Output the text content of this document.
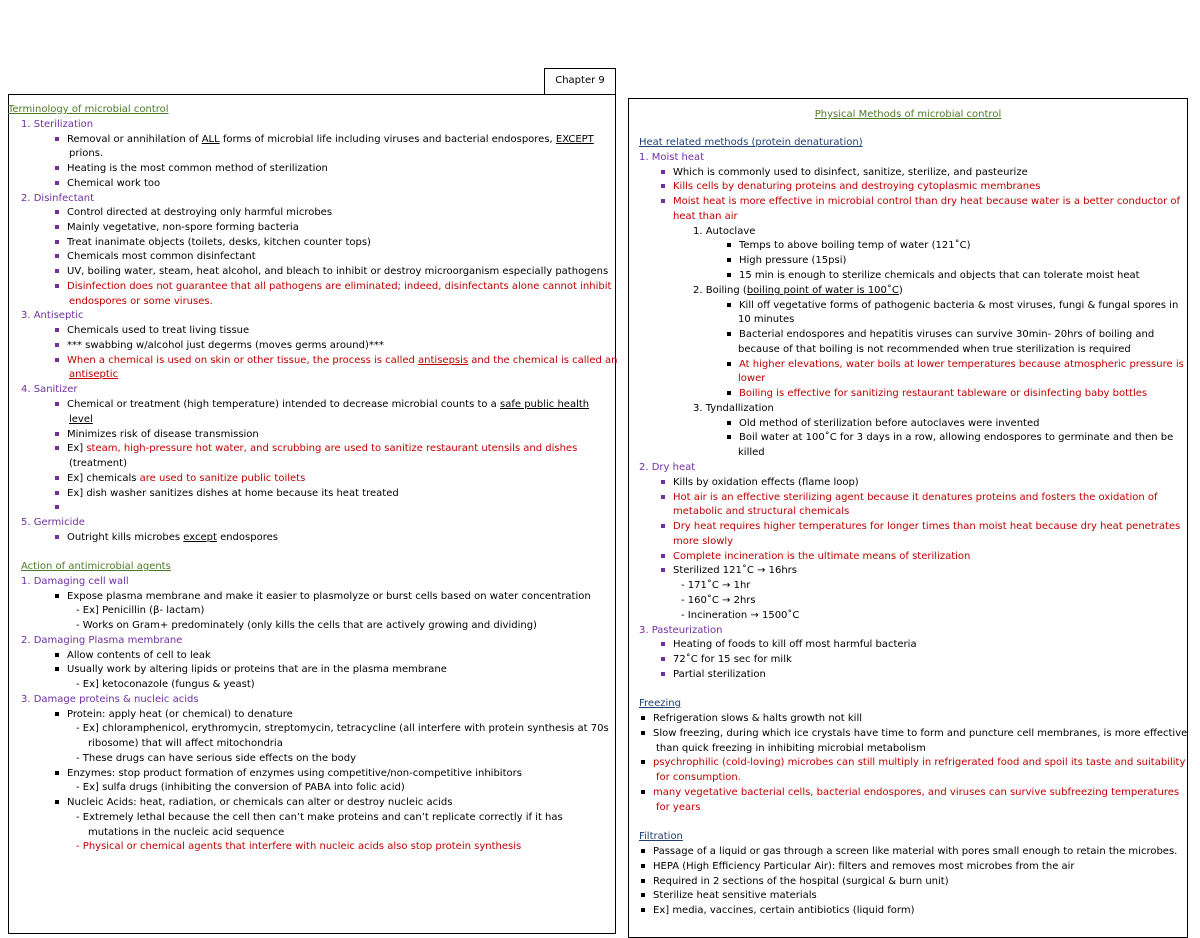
Chapter 9
Physical Methods of microbial control
Terminology of microbial control
1. Sterilization
Removal or annihilation of ALL forms of microbial life including viruses and bacterial endospores, EXCEPT
prions.
Heating is the most common method of sterilization
Chemical work too
2. Disinfectant
Control directed at destroying only harmful microbes
Mainly vegetative, non-spore forming bacteria
Treat inanimate objects (toilets, desks, kitchen counter tops)
Chemicals most common disinfectant
UV, boiling water, steam, heat alcohol, and bleach to inhibit or destroy microorganism especially pathogens
Disinfection does not guarantee that all pathogens are eliminated; indeed, disinfectants alone cannot inhibit
endospores or some viruses.
3. Antiseptic
Chemicals used to treat living tissue
*** swabbing w/alcohol just degerms (moves germs around)***
When a chemical is used on skin or other tissue, the process is called antisepsis and the chemical is called an
antiseptic
4. Sanitizer
Chemical or treatment (high temperature) intended to decrease microbial counts to a safe public health
level
Minimizes risk of disease transmission
Ex] steam, high-pressure hot water, and scrubbing are used to sanitize restaurant utensils and dishes
(treatment)
Ex] chemicals are used to sanitize public toilets
Ex] dish washer sanitizes dishes at home because its heat treated
5. Germicide
Outright kills microbes except endospores
Action of antimicrobial agents
1. Damaging cell wall
Expose plasma membrane and make it easier to plasmolyze or burst cells based on water concentration
- Ex] Penicillin (β- lactam)
- Works on Gram+ predominately (only kills the cells that are actively growing and dividing)
2. Damaging Plasma membrane
Allow contents of cell to leak
Usually work by altering lipids or proteins that are in the plasma membrane
- Ex] ketoconazole (fungus & yeast)
3. Damage proteins & nucleic acids
Protein: apply heat (or chemical) to denature
- Ex] chloramphenicol, erythromycin, streptomycin, tetracycline (all interfere with protein synthesis at 70s
ribosome) that will affect mitochondria
- These drugs can have serious side effects on the body
Enzymes: stop product formation of enzymes using competitive/non-competitive inhibitors
- Ex] sulfa drugs (inhibiting the conversion of PABA into folic acid)
Nucleic Acids: heat, radiation, or chemicals can alter or destroy nucleic acids
- Extremely lethal because the cell then can’t make proteins and can’t replicate correctly if it has
mutations in the nucleic acid sequence
- Physical or chemical agents that interfere with nucleic acids also stop protein synthesis
Heat related methods (protein denaturation)
1. Moist heat
Which is commonly used to disinfect, sanitize, sterilize, and pasteurize
Kills cells by denaturing proteins and destroying cytoplasmic membranes
Moist heat is more effective in microbial control than dry heat because water is a better conductor of
heat than air
1. Autoclave
Temps to above boiling temp of water (121˚C)
High pressure (15psi)
15 min is enough to sterilize chemicals and objects that can tolerate moist heat
2. Boiling (boiling point of water is 100˚C)
Kill off vegetative forms of pathogenic bacteria & most viruses, fungi & fungal spores in
10 minutes
Bacterial endospores and hepatitis viruses can survive 30min- 20hrs of boiling and
because of that boiling is not recommended when true sterilization is required
At higher elevations, water boils at lower temperatures because atmospheric pressure is
lower
Boiling is effective for sanitizing restaurant tableware or disinfecting baby bottles
3. Tyndallization
Old method of sterilization before autoclaves were invented
Boil water at 100˚C for 3 days in a row, allowing endospores to germinate and then be
killed
2. Dry heat
Kills by oxidation effects (flame loop)
Hot air is an effective sterilizing agent because it denatures proteins and fosters the oxidation of
metabolic and structural chemicals
Dry heat requires higher temperatures for longer times than moist heat because dry heat penetrates
more slowly
Complete incineration is the ultimate means of sterilization
Sterilized 121˚C → 16hrs
- 171˚C → 1hr
- 160˚C → 2hrs
- Incineration → 1500˚C
3. Pasteurization
Heating of foods to kill off most harmful bacteria
72˚C for 15 sec for milk
Partial sterilization
Freezing
Refrigeration slows & halts growth not kill
Slow freezing, during which ice crystals have time to form and puncture cell membranes, is more effective
than quick freezing in inhibiting microbial metabolism
psychrophilic (cold-loving) microbes can still multiply in refrigerated food and spoil its taste and suitability
for consumption.
many vegetative bacterial cells, bacterial endospores, and viruses can survive subfreezing temperatures
for years
Filtration
Passage of a liquid or gas through a screen like material with pores small enough to retain the microbes.
HEPA (High Efficiency Particular Air): filters and removes most microbes from the air
Required in 2 sections of the hospital (surgical & burn unit)
Sterilize heat sensitive materials
Ex] media, vaccines, certain antibiotics (liquid form)
